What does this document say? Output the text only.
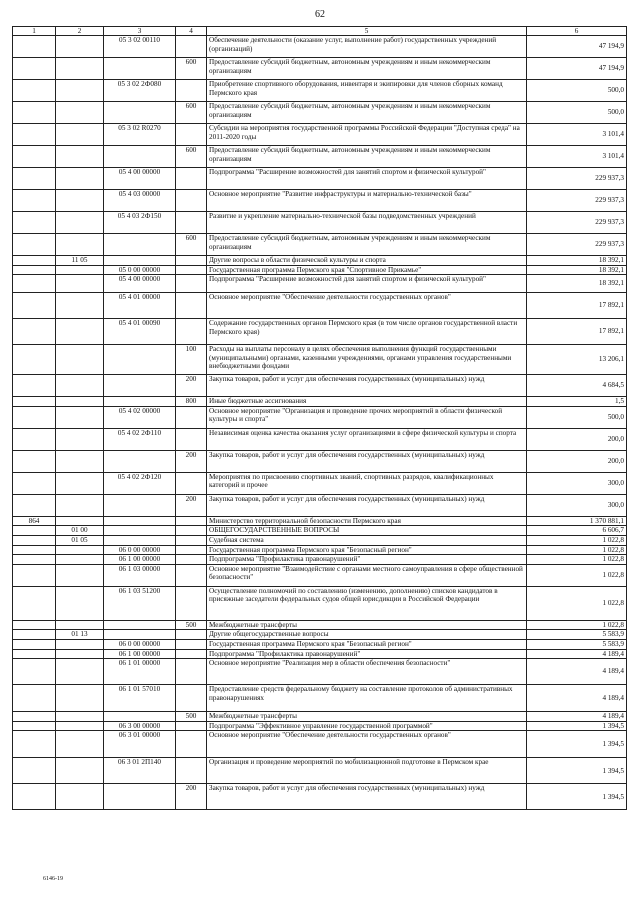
62
1	2	3	4	5	6
		05 3 02 00110		Обеспечение деятельности (оказание услуг, выполнение работ) государственных учреждений (организаций)	47 194,9
			600	Предоставление субсидий бюджетным, автономным учреждениям и иным некоммерческим организациям	47 194,9
		05 3 02 2Ф080		Приобретение спортивного оборудования, инвентаря и экипировки для членов сборных команд Пермского края	500,0
			600	Предоставление субсидий бюджетным, автономным учреждениям и иным некоммерческим организациям	500,0
		05 3 02 R0270		Субсидии на мероприятия государственной программы Российской Федерации "Доступная среда" на 2011-2020 годы	3 101,4
			600	Предоставление субсидий бюджетным, автономным учреждениям и иным некоммерческим организациям	3 101,4
		05 4 00 00000		Подпрограмма "Расширение возможностей для занятий спортом и физической культурой"	229 937,3
		05 4 03 00000		Основное мероприятие "Развитие инфраструктуры и материально-технической базы"	229 937,3
		05 4 03 2Ф150		Развитие и укрепление материально-технической базы подведомственных учреждений	229 937,3
			600	Предоставление субсидий бюджетным, автономным учреждениям и иным некоммерческим организациям	229 937,3
	11 05			Другие вопросы в области физической культуры и спорта	18 392,1
		05 0 00 00000		Государственная программа Пермского края "Спортивное Прикамье"	18 392,1
		05 4 00 00000		Подпрограмма "Расширение возможностей для занятий спортом и физической культурой"	18 392,1
		05 4 01 00000		Основное мероприятие "Обеспечение деятельности государственных органов"	17 892,1
		05 4 01 00090		Содержание государственных органов Пермского края (в том числе органов государственной власти Пермского края)	17 892,1
			100	Расходы на выплаты персоналу в целях обеспечения выполнения функций государственными (муниципальными) органами, казенными учреждениями, органами управления государственными внебюджетными фондами	13 206,1
			200	Закупка товаров, работ и услуг для обеспечения государственных (муниципальных) нужд	4 684,5
			800	Иные бюджетные ассигнования	1,5
		05 4 02 00000		Основное мероприятие "Организация и проведение прочих мероприятий в области физической культуры и спорта"	500,0
		05 4 02 2Ф110		Независимая оценка качества оказания услуг организациями в сфере физической культуры и спорта	200,0
			200	Закупка товаров, работ и услуг для обеспечения государственных (муниципальных) нужд	200,0
		05 4 02 2Ф120		Мероприятия по присвоению спортивных званий, спортивных разрядов, квалификационных категорий и прочее	300,0
			200	Закупка товаров, работ и услуг для обеспечения государственных (муниципальных) нужд	300,0
864				Министерство территориальной безопасности Пермского края	1 370 881,1
	01 00			ОБЩЕГОСУДАРСТВЕННЫЕ ВОПРОСЫ	6 606,7
	01 05			Судебная система	1 022,8
		06 0 00 00000		Государственная программа Пермского края "Безопасный регион"	1 022,8
		06 1 00 00000		Подпрограмма "Профилактика правонарушений"	1 022,8
		06 1 03 00000		Основное мероприятие "Взаимодействие с органами местного самоуправления в сфере общественной безопасности"	1 022,8
		06 1 03 51200		Осуществление полномочий по составлению (изменению, дополнению) списков кандидатов в присяжные заседатели федеральных судов общей юрисдикции в Российской Федерации	1 022,8
			500	Межбюджетные трансферты	1 022,8
	01 13			Другие общегосударственные вопросы	5 583,9
		06 0 00 00000		Государственная программа Пермского края "Безопасный регион"	5 583,9
		06 1 00 00000		Подпрограмма "Профилактика правонарушений"	4 189,4
		06 1 01 00000		Основное мероприятие "Реализация мер в области обеспечения безопасности"	4 189,4
		06 1 01 57010		Предоставление средств федеральному бюджету на составление протоколов об административных правонарушениях	4 189,4
			500	Межбюджетные трансферты	4 189,4
		06 3 00 00000		Подпрограмма "Эффективное управление государственной программой"	1 394,5
		06 3 01 00000		Основное мероприятие "Обеспечение деятельности государственных органов"	1 394,5
		06 3 01 2П140		Организация и проведение мероприятий по мобилизационной подготовке в Пермском крае	1 394,5
			200	Закупка товаров, работ и услуг для обеспечения государственных (муниципальных) нужд	1 394,5
6146-19
